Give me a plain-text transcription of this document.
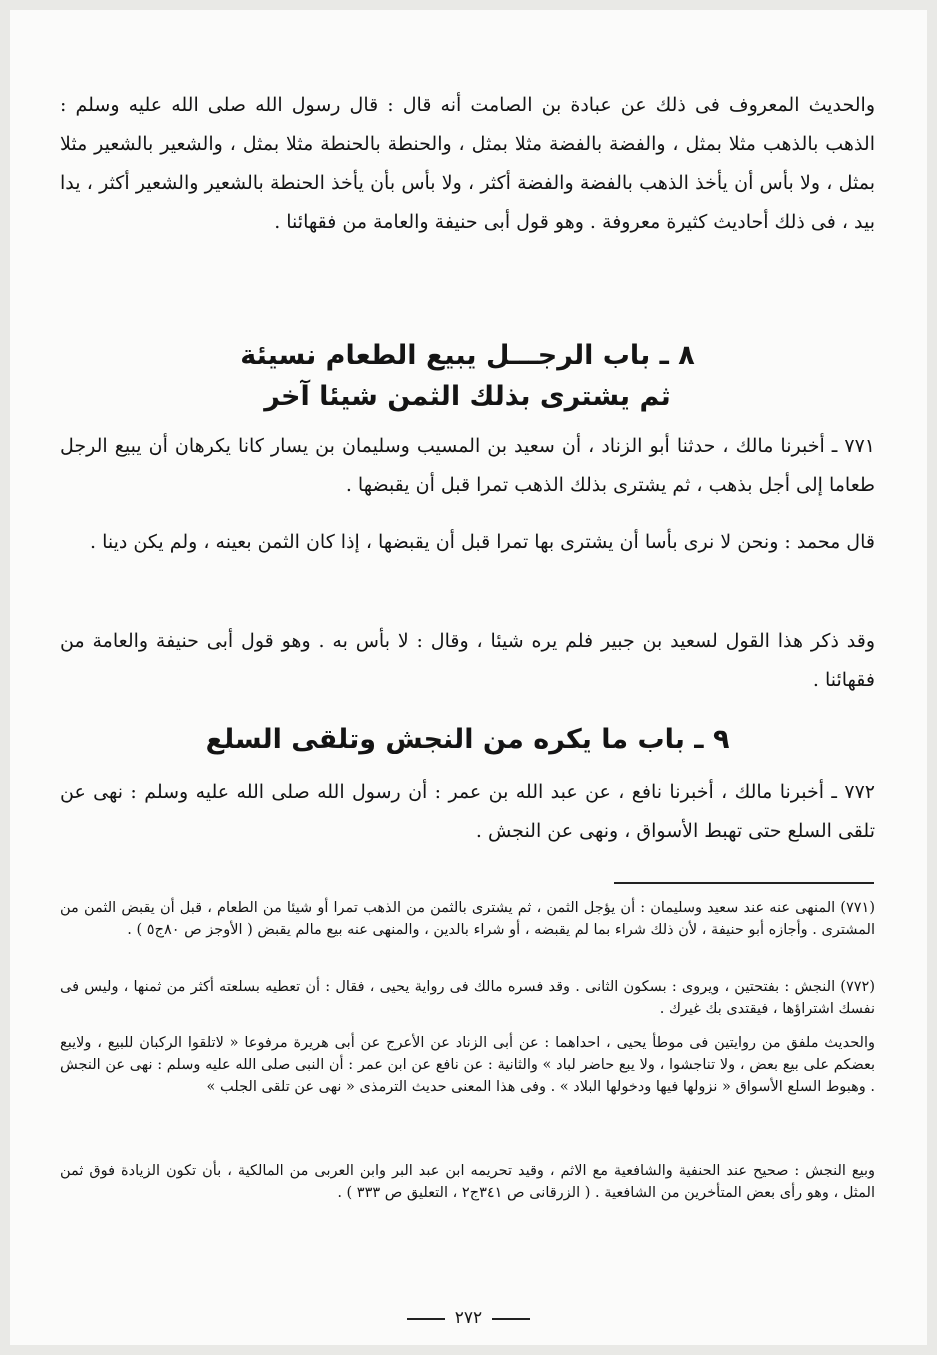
والحديث المعروف فى ذلك عن عبادة بن الصامت أنه قال : قال رسول الله صلى الله عليه وسلم : الذهب بالذهب مثلا بمثل ، والفضة بالفضة مثلا بمثل ، والحنطة بالحنطة مثلا بمثل ، والشعير بالشعير مثلا بمثل ، ولا بأس أن يأخذ الذهب بالفضة والفضة أكثر ، ولا بأس بأن يأخذ الحنطة بالشعير والشعير أكثر ، يدا بيد ، فى ذلك أحاديث كثيرة معروفة . وهو قول أبى حنيفة والعامة من فقهائنا .
٨ ـ باب الرجـــل يبيع الطعام نسيئة
ثم يشترى بذلك الثمن شيئا آخر
٧٧١ ـ أخبرنا مالك ، حدثنا أبو الزناد ، أن سعيد بن المسيب وسليمان بن يسار كانا يكرهان أن يبيع الرجل طعاما إلى أجل بذهب ، ثم يشترى بذلك الذهب تمرا قبل أن يقبضها .
قال محمد : ونحن لا نرى بأسا أن يشترى بها تمرا قبل أن يقبضها ، إذا كان الثمن بعينه ، ولم يكن دينا .
وقد ذكر هذا القول لسعيد بن جبير فلم يره شيئا ، وقال : لا بأس به . وهو قول أبى حنيفة والعامة من فقهائنا .
٩ ـ باب ما يكره من النجش وتلقى السلع
٧٧٢ ـ أخبرنا مالك ، أخبرنا نافع ، عن عبد الله بن عمر : أن رسول الله صلى الله عليه وسلم : نهى عن تلقى السلع حتى تهبط الأسواق ، ونهى عن النجش .
(٧٧١) المنهى عنه عند سعيد وسليمان : أن يؤجل الثمن ، ثم يشترى بالثمن من الذهب تمرا أو شيئا من الطعام ، قبل أن يقبض الثمن من المشترى . وأجازه أبو حنيفة ، لأن ذلك شراء بما لم يقبضه ، أو شراء بالدين ، والمنهى عنه بيع مالم يقبض ( الأوجز ص ٨٠ج٥ ) .
(٧٧٢) النجش : بفتحتين ، ويروى : بسكون الثانى . وقد فسره مالك فى رواية يحيى ، فقال : أن تعطيه بسلعته أكثر من ثمنها ، وليس فى نفسك اشتراؤها ، فيقتدى بك غيرك .
والحديث ملفق من روايتين فى موطأ يحيى ، احداهما : عن أبى الزناد عن الأعرج عن أبى هريرة مرفوعا « لاتلقوا الركبان للبيع ، ولايبع بعضكم على بيع بعض ، ولا تناجشوا ، ولا يبع حاضر لباد » والثانية : عن نافع عن ابن عمر : أن النبى صلى الله عليه وسلم : نهى عن النجش . وهبوط السلع الأسواق « نزولها فيها ودخولها البلاد » . وفى هذا المعنى حديث الترمذى « نهى عن تلقى الجلب »
وبيع النجش : صحيح عند الحنفية والشافعية مع الاثم ، وقيد تحريمه ابن عبد البر وابن العربى من المالكية ، بأن تكون الزيادة فوق ثمن المثل ، وهو رأى بعض المتأخرين من الشافعية . ( الزرقانى ص ٣٤١ج٢ ، التعليق ص ٣٣٣ ) .
٢٧٢
